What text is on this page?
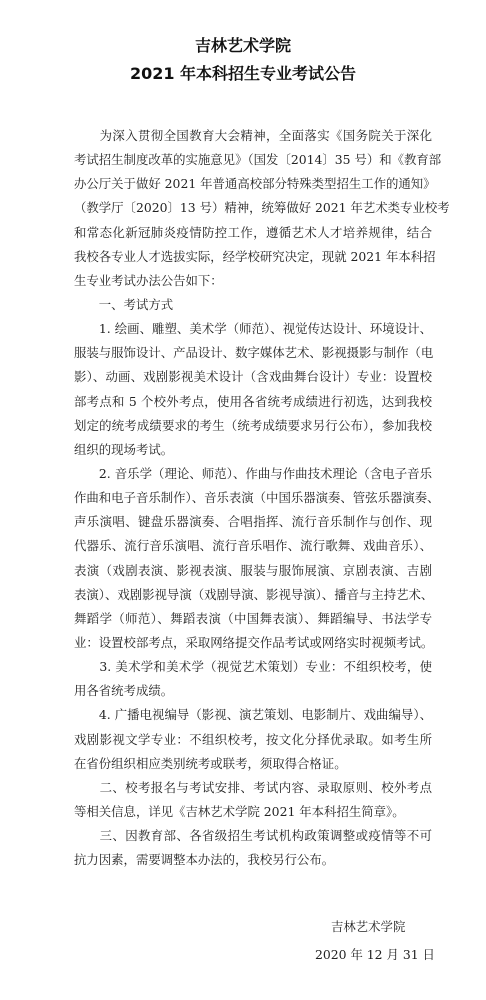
吉林艺术学院
2021 年本科招生专业考试公告
　　为深入贯彻全国教育大会精神，全面落实《国务院关于深化
考试招生制度改革的实施意见》（国发〔2014〕35 号）和《教育部
办公厅关于做好 2021 年普通高校部分特殊类型招生工作的通知》
（教学厅〔2020〕13 号）精神，统筹做好 2021 年艺术类专业校考
和常态化新冠肺炎疫情防控工作，遵循艺术人才培养规律，结合
我校各专业人才选拔实际，经学校研究决定，现就 2021 年本科招
生专业考试办法公告如下：
　　一、考试方式
　　1. 绘画、雕塑、美术学（师范）、视觉传达设计、环境设计、
服装与服饰设计、产品设计、数字媒体艺术、影视摄影与制作（电
影）、动画、戏剧影视美术设计（含戏曲舞台设计）专业：设置校
部考点和 5 个校外考点，使用各省统考成绩进行初选，达到我校
划定的统考成绩要求的考生（统考成绩要求另行公布），参加我校
组织的现场考试。
　　2. 音乐学（理论、师范）、作曲与作曲技术理论（含电子音乐
作曲和电子音乐制作）、音乐表演（中国乐器演奏、管弦乐器演奏、
声乐演唱、键盘乐器演奏、合唱指挥、流行音乐制作与创作、现
代器乐、流行音乐演唱、流行音乐唱作、流行歌舞、戏曲音乐）、
表演（戏剧表演、影视表演、服装与服饰展演、京剧表演、吉剧
表演）、戏剧影视导演（戏剧导演、影视导演）、播音与主持艺术、
舞蹈学（师范）、舞蹈表演（中国舞表演）、舞蹈编导、书法学专
业：设置校部考点，采取网络提交作品考试或网络实时视频考试。
　　3. 美术学和美术学（视觉艺术策划）专业：不组织校考，使
用各省统考成绩。
　　4. 广播电视编导（影视、演艺策划、电影制片、戏曲编导）、
戏剧影视文学专业：不组织校考，按文化分择优录取。如考生所
在省份组织相应类别统考或联考，须取得合格证。
　　二、校考报名与考试安排、考试内容、录取原则、校外考点
等相关信息，详见《吉林艺术学院 2021 年本科招生简章》。
　　三、因教育部、各省级招生考试机构政策调整或疫情等不可
抗力因素，需要调整本办法的，我校另行公布。
吉林艺术学院
2020 年 12 月 31 日
